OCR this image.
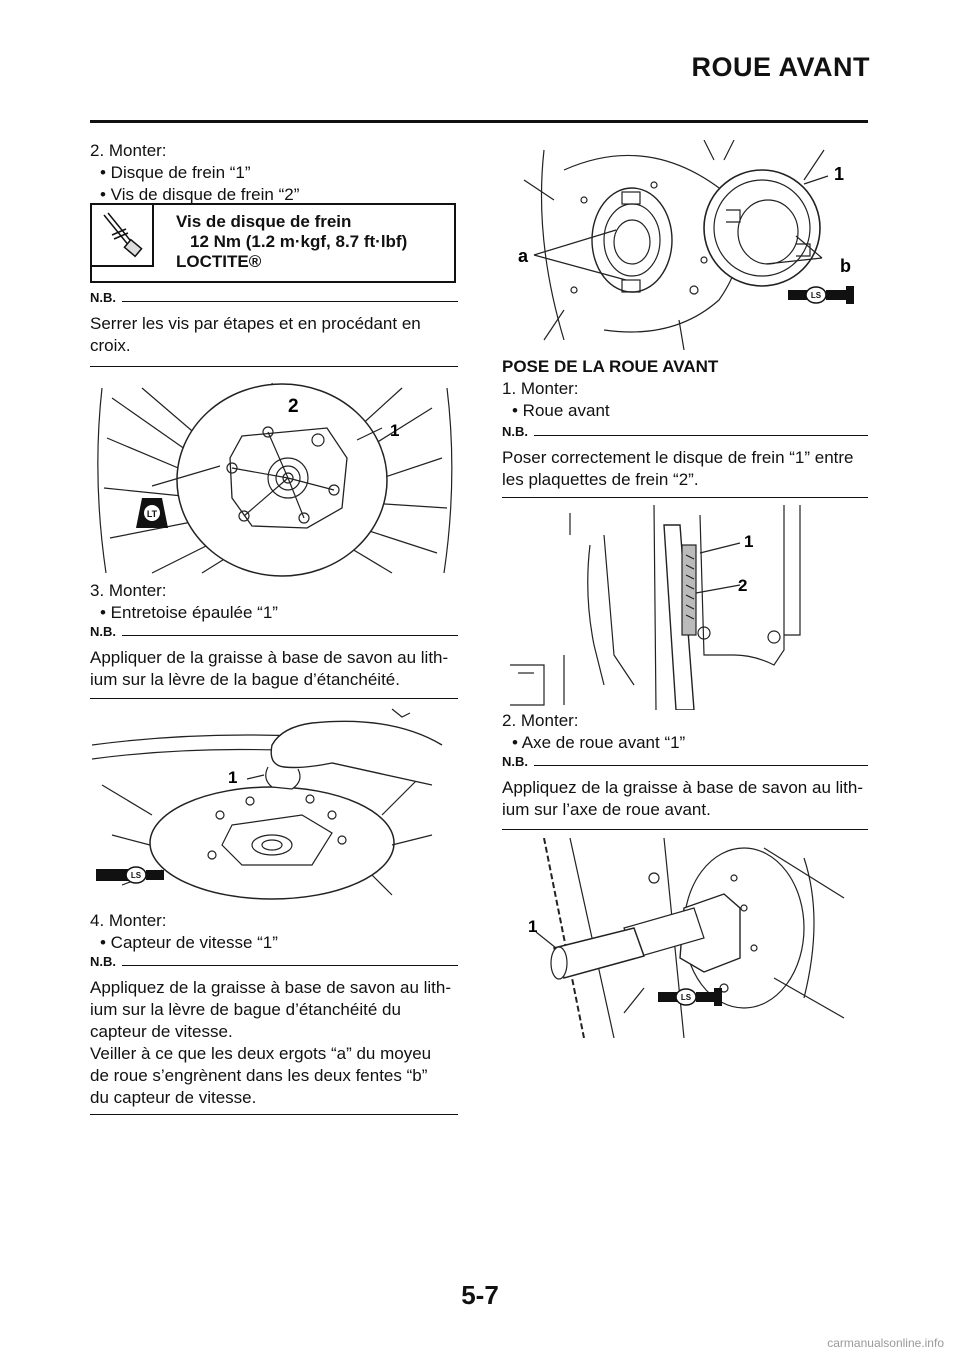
ROUE AVANT

2. Monter:

• Disque de frein “1”

• Vis de disque de frein “2”

Vis de disque de frein
12 Nm (1.2 m·kgf, 8.7 ft·lbf)
LOCTITE®
N.B.

Serrer les vis par étapes et en procédant en

croix.

LT
2
1

3. Monter:

• Entretoise épaulée “1”

N.B.

Appliquer de la graisse à base de savon au lith-

ium sur la lèvre de la bague d’étanchéité.

LS
1

4. Monter:

• Capteur de vitesse “1”

N.B.

Appliquez de la graisse à base de savon au lith-

ium sur la lèvre de bague d’étanchéité du

capteur de vitesse.

Veiller à ce que les deux ergots “a” du moyeu

de roue s’engrènent dans les deux fentes “b”

du capteur de vitesse.

LS
1
a	b

POSE DE LA ROUE AVANT

1. Monter:

• Roue avant

N.B.

Poser correctement le disque de frein “1” entre

les plaquettes de frein “2”.

1
2

2. Monter:

• Axe de roue avant “1”

N.B.

Appliquez de la graisse à base de savon au lith-

ium sur l’axe de roue avant.

LS
1
5-7
carmanualsonline.info
